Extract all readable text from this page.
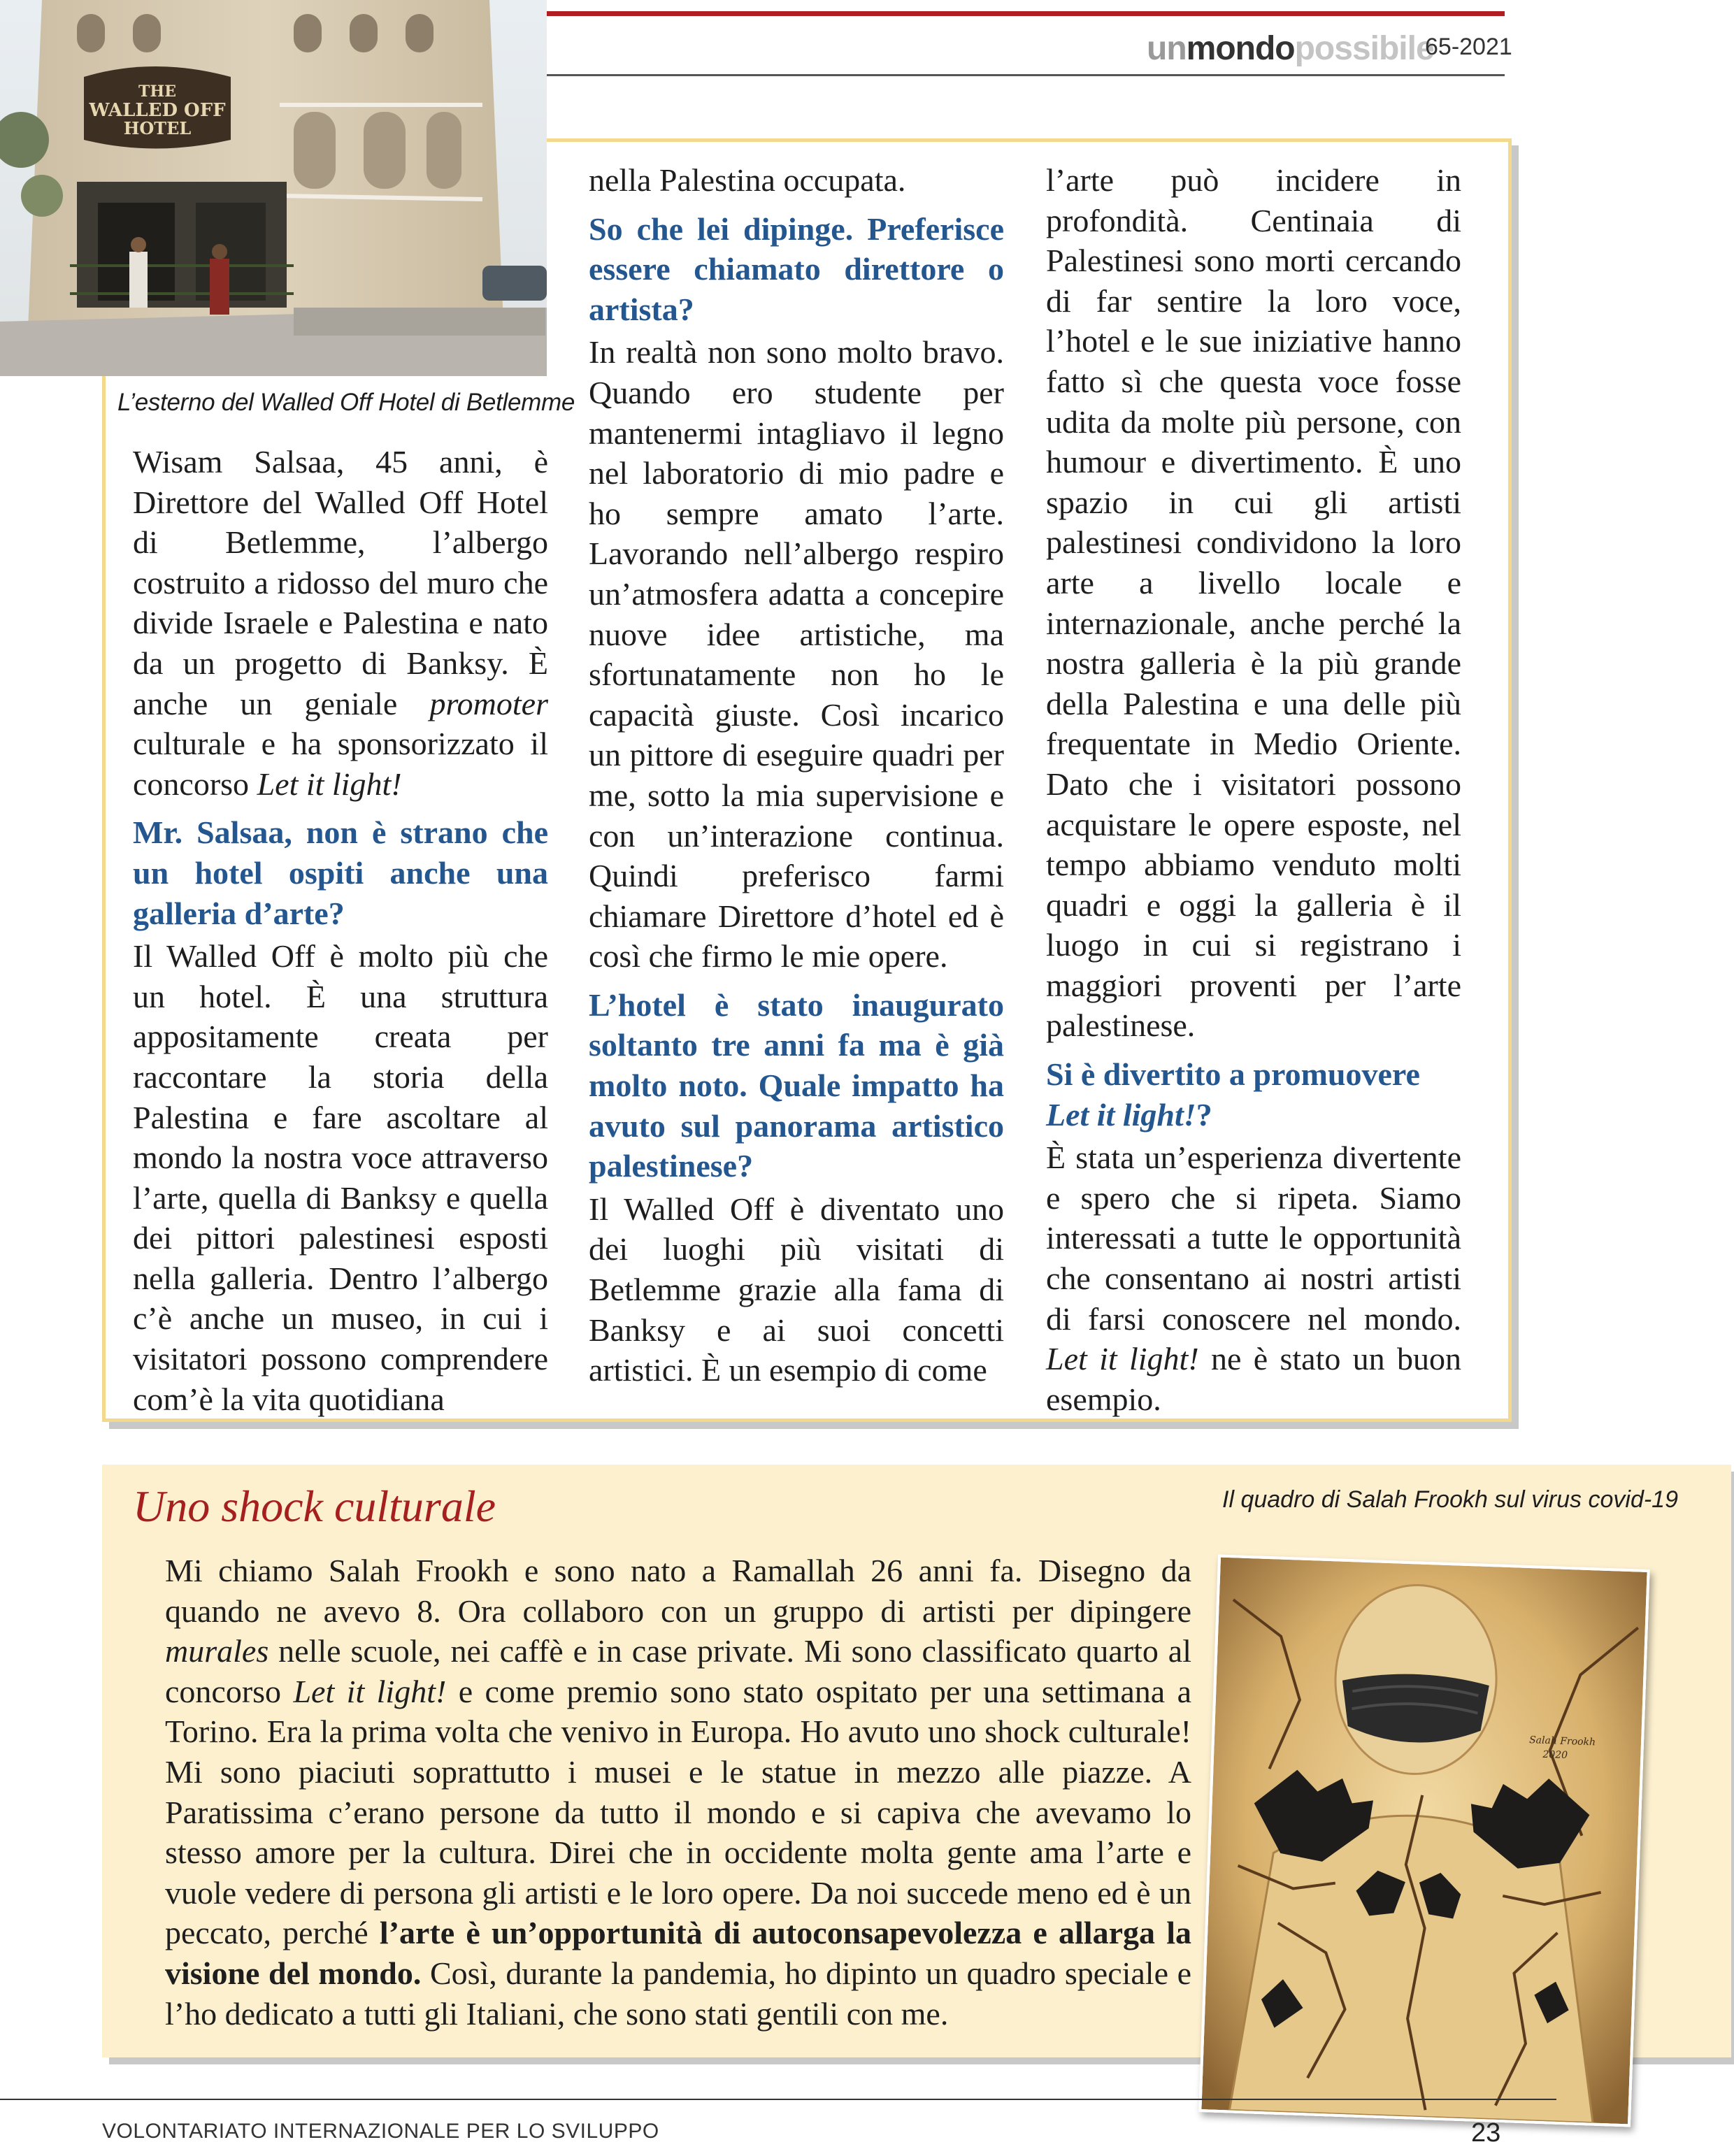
unmondopossibile
65-2021
THE
WALLED OFF
HOTEL
L’esterno del Walled Off Hotel di Betlemme

Wisam Salsaa, 45 anni, è Direttore del Walled Off Hotel di Betlemme, l’albergo costruito a ridosso del muro che divide Israele e Palestina e nato da un progetto di Banksy. È anche un geniale promoter culturale e ha sponsorizzato il concorso Let it light!

Mr. Salsaa, non è strano che un hotel ospiti anche una galleria d’arte?

Il Walled Off è molto più che un hotel. È una struttura appositamente creata per raccontare la storia della Palestina e fare ascoltare al mondo la nostra voce attraverso l’arte, quella di Banksy e quella dei pittori palestinesi esposti nella galleria. Dentro l’albergo c’è anche un museo, in cui i visitatori possono comprendere com’è la vita quotidiana

nella Palestina occupata.

So che lei dipinge. Preferisce essere chiamato direttore o artista?

In realtà non sono molto bravo. Quando ero studente per mantenermi intagliavo il legno nel laboratorio di mio padre e ho sempre amato l’arte. Lavorando nell’albergo respiro un’atmosfera adatta a concepire nuove idee artistiche, ma sfortunatamente non ho le capacità giuste. Così incarico un pittore di eseguire quadri per me, sotto la mia supervisione e con un’interazione continua. Quindi preferisco farmi chiamare Direttore d’hotel ed è così che firmo le mie opere.

L’hotel è stato inaugurato soltanto tre anni fa ma è già molto noto. Quale impatto ha avuto sul panorama artistico palestinese?

Il Walled Off è diventato uno dei luoghi più visitati di Betlemme grazie alla fama di Banksy e ai suoi concetti artistici. È un esempio di come

l’arte può incidere in profondità. Centinaia di Palestinesi sono morti cercando di far sentire la loro voce, l’hotel e le sue iniziative hanno fatto sì che questa voce fosse udita da molte più persone, con humour e divertimento. È uno spazio in cui gli artisti palestinesi condividono la loro arte a livello locale e internazionale, anche perché la nostra galleria è la più grande della Palestina e una delle più frequentate in Medio Oriente. Dato che i visitatori possono acquistare le opere esposte, nel tempo abbiamo venduto molti quadri e oggi la galleria è il luogo in cui si registrano i maggiori proventi per l’arte palestinese.

Si è divertito a promuovere
Let it light!?

È stata un’esperienza divertente e spero che si ripeta. Siamo interessati a tutte le opportunità che consentano ai nostri artisti di farsi conoscere nel mondo. Let it light! ne è stato un buon esempio.

Uno shock culturale
Mi chiamo Salah Frookh e sono nato a Ramallah 26 anni fa. Disegno da quando ne avevo 8. Ora collaboro con un gruppo di artisti per dipingere murales nelle scuole, nei caffè e in case private. Mi sono classificato quarto al concorso Let it light! e come premio sono stato ospitato per una settimana a Torino. Era la prima volta che venivo in Europa. Ho avuto uno shock culturale! Mi sono piaciuti soprattutto i musei e le statue in mezzo alle piazze. A Paratissima c’erano persone da tutto il mondo e si capiva che avevamo lo stesso amore per la cultura. Direi che in occidente molta gente ama l’arte e vuole vedere di persona gli artisti e le loro opere. Da noi succede meno ed è un peccato, perché l’arte è un’opportunità di autoconsapevolezza e allarga la visione del mondo. Così, durante la pandemia, ho dipinto un quadro speciale e l’ho dedicato a tutti gli Italiani, che sono stati gentili con me.
Il quadro di Salah Frookh sul virus covid-19
Salah Frookh
2020
VOLONTARIATO INTERNAZIONALE PER LO SVILUPPO	23
